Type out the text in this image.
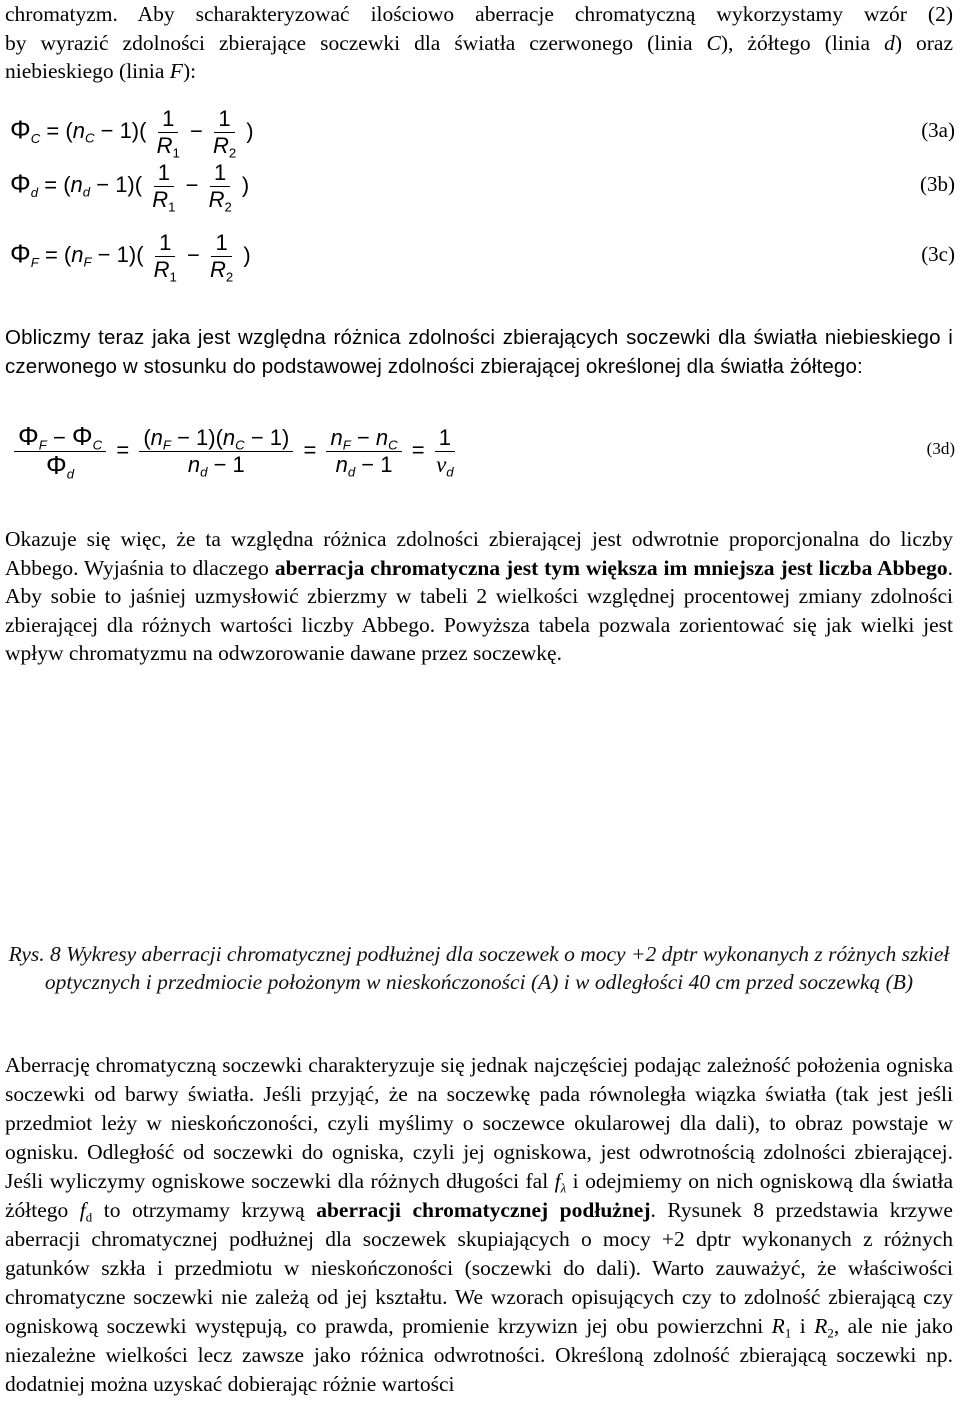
chromatyzm. Aby scharakteryzować ilościowo aberracje chromatyczną wykorzystamy wzór (2)
by wyrazić zdolności zbierające soczewki dla światła czerwonego (linia C), żółtego (linia d) oraz
niebieskiego (linia F):
$\Phi_C = (n_C - 1)( \frac{1}{R_1} - \frac{1}{R_2}$ )	(3a)
$\Phi_d = (n_d - 1)( \frac{1}{R_1} - \frac{1}{R_2}$ )	(3b)
$\Phi_F = (n_F - 1)( \frac{1}{R_1} - \frac{1}{R_2}$ )	(3c)
Obliczmy teraz jaka jest względna różnica zdolności zbierających soczewki dla światła niebieskiego i czerwonego w stosunku do podstawowej zdolności zbierającej określonej dla światła żółtego:
$\frac{\Phi_F - \Phi_C}{\Phi_d} = \frac{(n_F - 1)(n_C - 1)}{n_d - 1} = \frac{n_F - n_C}{n_d - 1} = \frac{1}{\nu_d}$	(3d)
Okazuje się więc, że ta względna różnica zdolności zbierającej jest odwrotnie proporcjonalna do liczby Abbego. Wyjaśnia to dlaczego aberracja chromatyczna jest tym większa im mniejsza jest liczba Abbego. Aby sobie to jaśniej uzmysłowić zbierzmy w tabeli 2 wielkości względnej procentowej zmiany zdolności zbierającej dla różnych wartości liczby Abbego. Powyższa tabela pozwala zorientować się jak wielki jest wpływ chromatyzmu na odwzorowanie dawane przez soczewkę.
Rys. 8 Wykresy aberracji chromatycznej podłużnej dla soczewek o mocy +2 dptr wykonanych z różnych szkieł optycznych i przedmiocie położonym w nieskończoności (A) i w odległości 40 cm przed soczewką (B)
Aberrację chromatyczną soczewki charakteryzuje się jednak najczęściej podając zależność położenia ogniska soczewki od barwy światła. Jeśli przyjąć, że na soczewkę pada równoległa wiązka światła (tak jest jeśli przedmiot leży w nieskończoności, czyli myślimy o soczewce okularowej dla dali), to obraz powstaje w ognisku. Odległość od soczewki do ogniska, czyli jej ogniskowa, jest odwrotnością zdolności zbierającej. Jeśli wyliczymy ogniskowe soczewki dla różnych długości fal $f_\lambda$ i odejmiemy on nich ogniskową dla światła żółtego $f_d$ to otrzymamy krzywą aberracji chromatycznej podłużnej. Rysunek 8 przedstawia krzywe aberracji chromatycznej podłużnej dla soczewek skupiających o mocy +2 dptr wykonanych z różnych gatunków szkła i przedmiotu w nieskończoności (soczewki do dali). Warto zauważyć, że właściwości chromatyczne soczewki nie zależą od jej kształtu. We wzorach opisujących czy to zdolność zbierającą czy ogniskową soczewki występują, co prawda, promienie krzywizn jej obu powierzchni $R_1$ i $R_2$, ale nie jako niezależne wielkości lecz zawsze jako różnica odwrotności. Określoną zdolność zbierającą soczewki np. dodatniej można uzyskać dobierając różnie wartości
